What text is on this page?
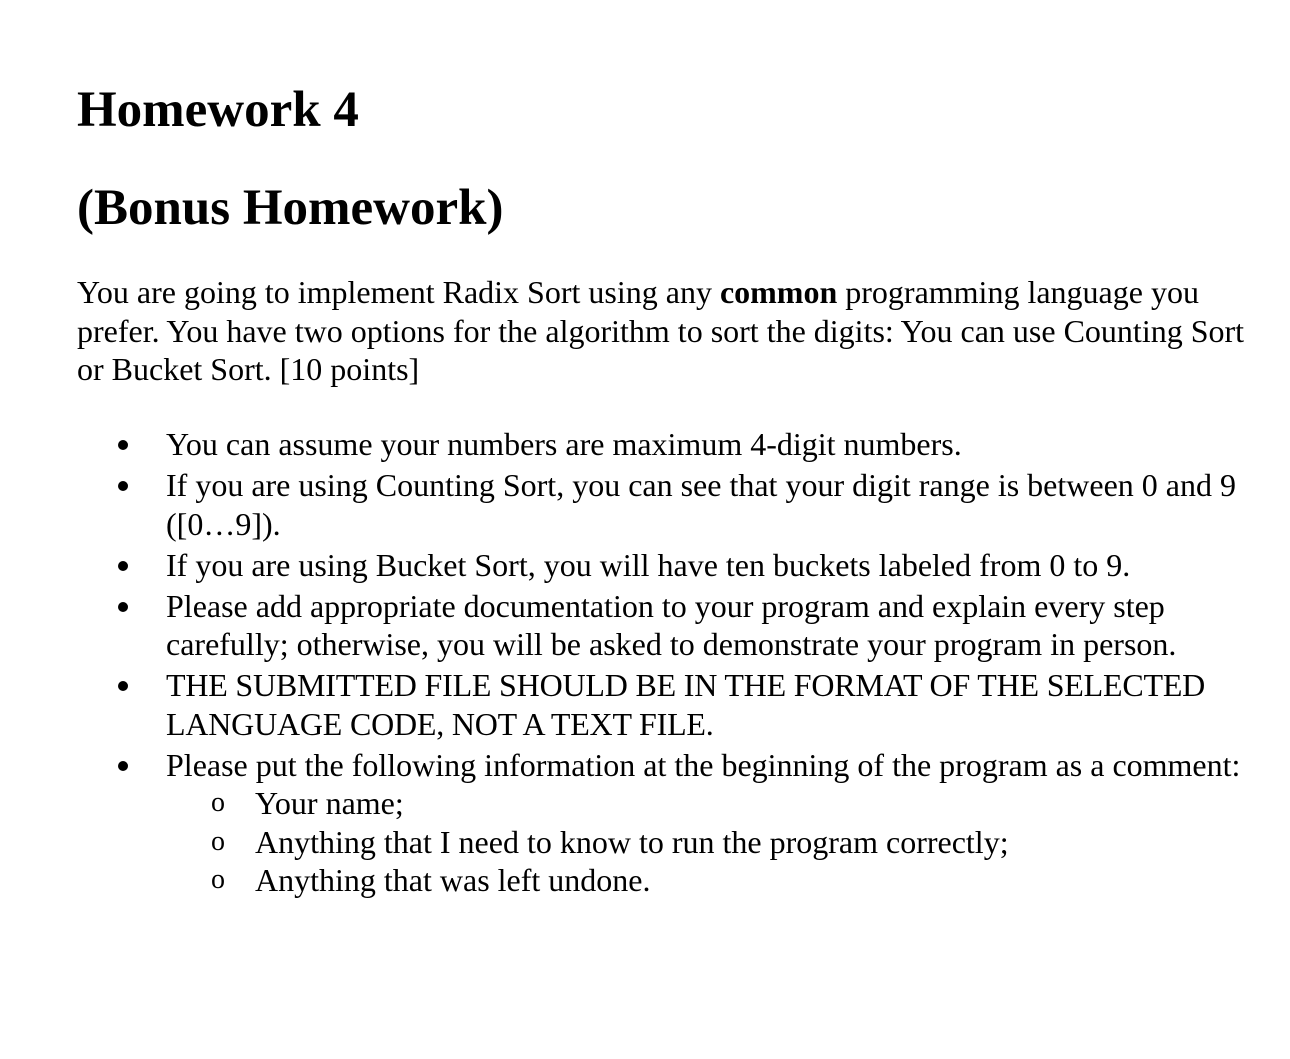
Homework 4
(Bonus Homework)

You are going to implement Radix Sort using any common programming language you prefer. You have two options for the algorithm to sort the digits: You can use Counting Sort or Bucket Sort. [10 points]

You can assume your numbers are maximum 4-digit numbers.
If you are using Counting Sort, you can see that your digit range is between 0 and 9 ([0…9]).
If you are using Bucket Sort, you will have ten buckets labeled from 0 to 9.
Please add appropriate documentation to your program and explain every step carefully; otherwise, you will be asked to demonstrate your program in person.
THE SUBMITTED FILE SHOULD BE IN THE FORMAT OF THE SELECTED LANGUAGE CODE, NOT A TEXT FILE.
Please put the following information at the beginning of the program as a comment:
o Your name;
o Anything that I need to know to run the program correctly;
o Anything that was left undone.
